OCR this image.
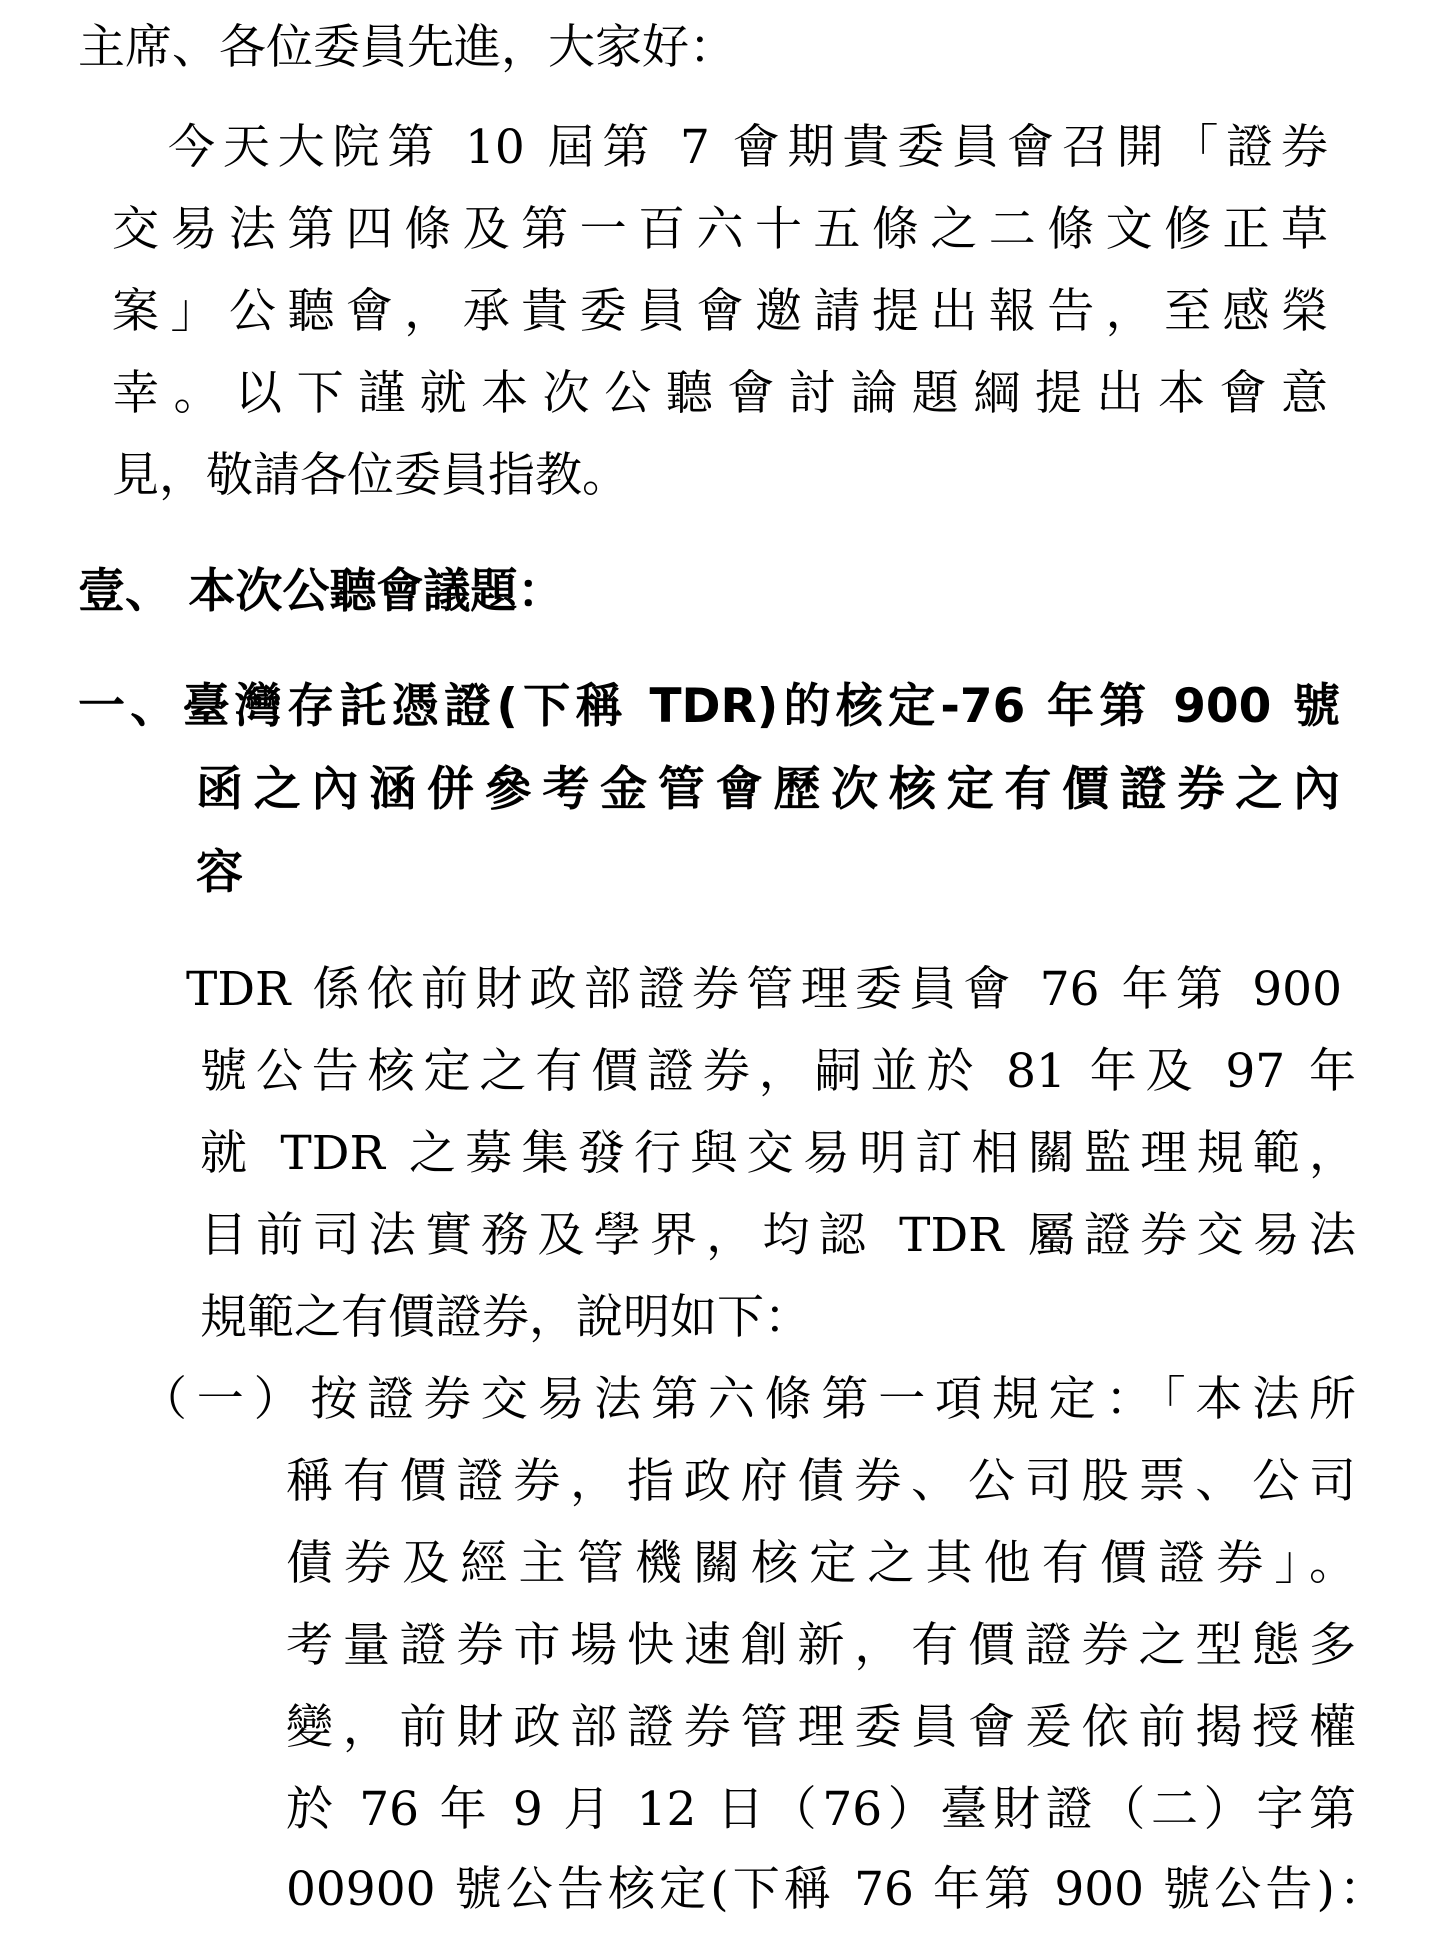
主席、各位委員先進，大家好：
今天大院第 10 屆第 7 會期貴委員會召開「證券
交易法第四條及第一百六十五條之二條文修正草
案」公聽會，承貴委員會邀請提出報告，至感榮
幸。以下謹就本次公聽會討論題綱提出本會意
見，敬請各位委員指教。
壹、 本次公聽會議題：
一、臺灣存託憑證(下稱 TDR)的核定-76 年第 900 號
函之內涵併參考金管會歷次核定有價證券之內
容
TDR 係依前財政部證券管理委員會 76 年第 900
號公告核定之有價證券，嗣並於 81 年及 97 年
就 TDR 之募集發行與交易明訂相關監理規範，
目前司法實務及學界，均認 TDR 屬證券交易法
規範之有價證券，說明如下：
（一）按證券交易法第六條第一項規定：「本法所
稱有價證券，指政府債券、公司股票、公司
債券及經主管機關核定之其他有價證券」。
考量證券市場快速創新，有價證券之型態多
變，前財政部證券管理委員會爰依前揭授權
於 76 年 9 月 12 日（76）臺財證（二）字第
00900 號公告核定(下稱 76 年第 900 號公告)：
